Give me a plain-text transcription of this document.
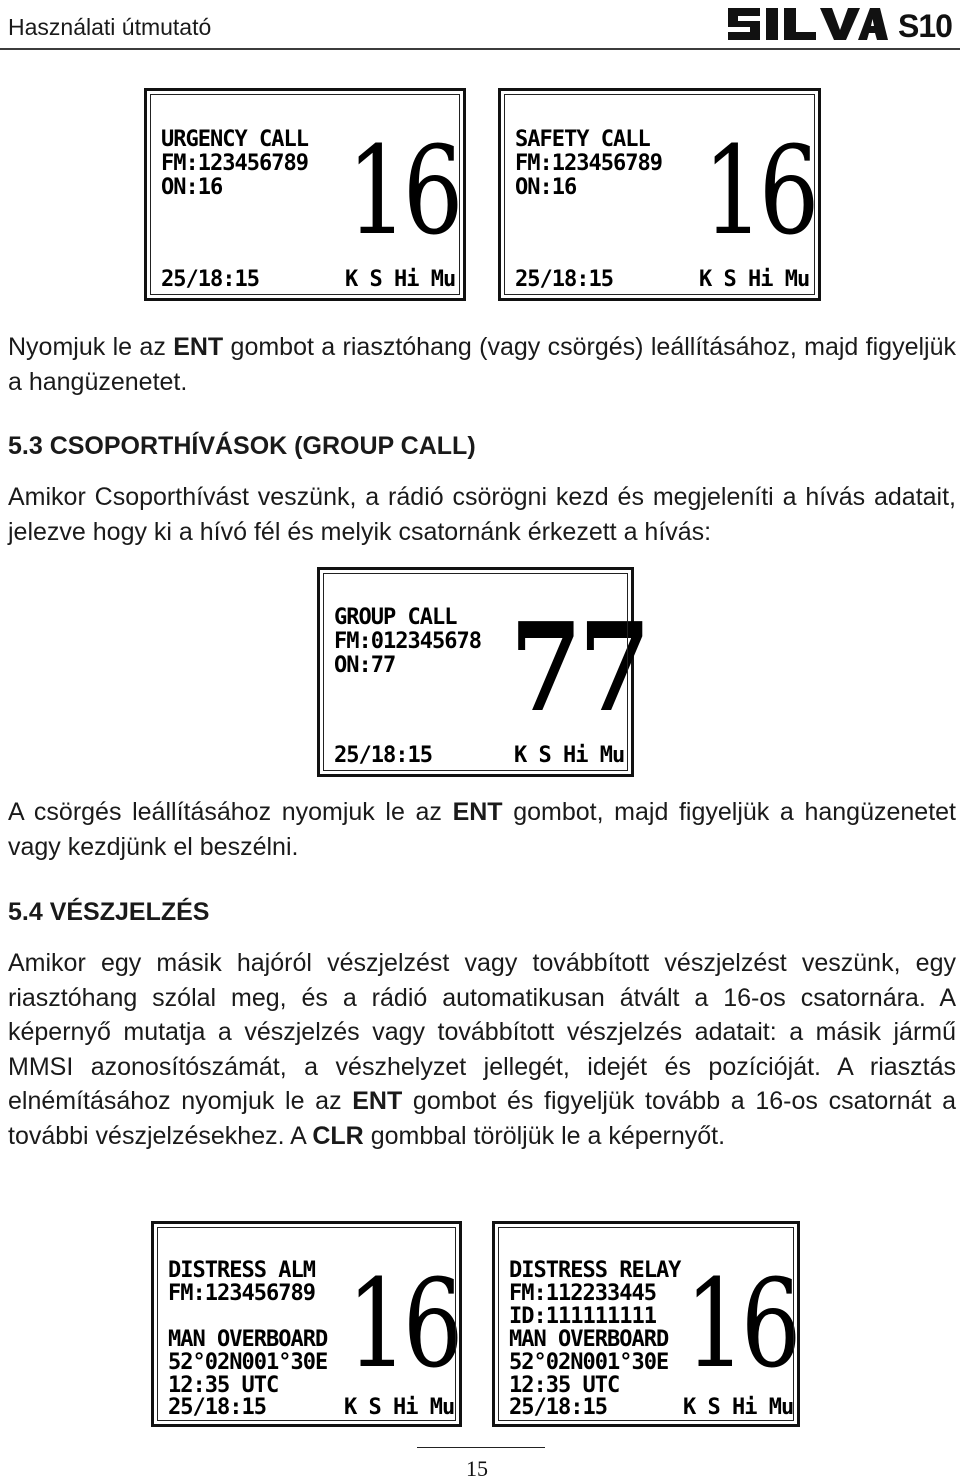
Használati útmutató	S10
URGENCY CALL
FM:123456789
ON:16 16
25/18:15	K S Hi Mu
SAFETY CALL
FM:123456789
ON:16 16
25/18:15	K S Hi Mu

Nyomjuk le az ENT gombot a riasztóhang (vagy csörgés) leállításához, majd figyeljük a hangüzenetet.

5.3 CSOPORTHÍVÁSOK (GROUP CALL)

Amikor Csoporthívást veszünk, a rádió csörögni kezd és megjeleníti a hívás adatait, jelezve hogy ki a hívó fél és melyik csatornánk érkezett a hívás:

GROUP CALL
FM:012345678
ON:77 77
25/18:15	K S Hi Mu

A csörgés leállításához nyomjuk le az ENT gombot, majd figyeljük a hangüzenetet vagy kezdjünk el beszélni.

5.4 VÉSZJELZÉS

Amikor egy másik hajóról vészjelzést vagy továbbított vészjelzést veszünk, egy riasztóhang szólal meg, és a rádió automatikusan átvált a 16-os csatornára. A képernyő mutatja a vészjelzés vagy továbbított vészjelzés adatait: a másik jármű MMSI azonosítószámát, a vészhelyzet jellegét, idejét és pozícióját. A riasztás elnémításához nyomjuk le az ENT gombot és figyeljük tovább a 16-os csatornát a további vészjelzésekhez. A CLR gombbal töröljük le a képernyőt.

DISTRESS ALM
FM:123456789
MAN OVERBOARD
52°02N001°30E
12:35 UTC
25/18:15
16
K S Hi Mu
DISTRESS RELAY
FM:112233445
ID:111111111
MAN OVERBOARD
52°02N001°30E
12:35 UTC
25/18:15
16
K S Hi Mu
15
